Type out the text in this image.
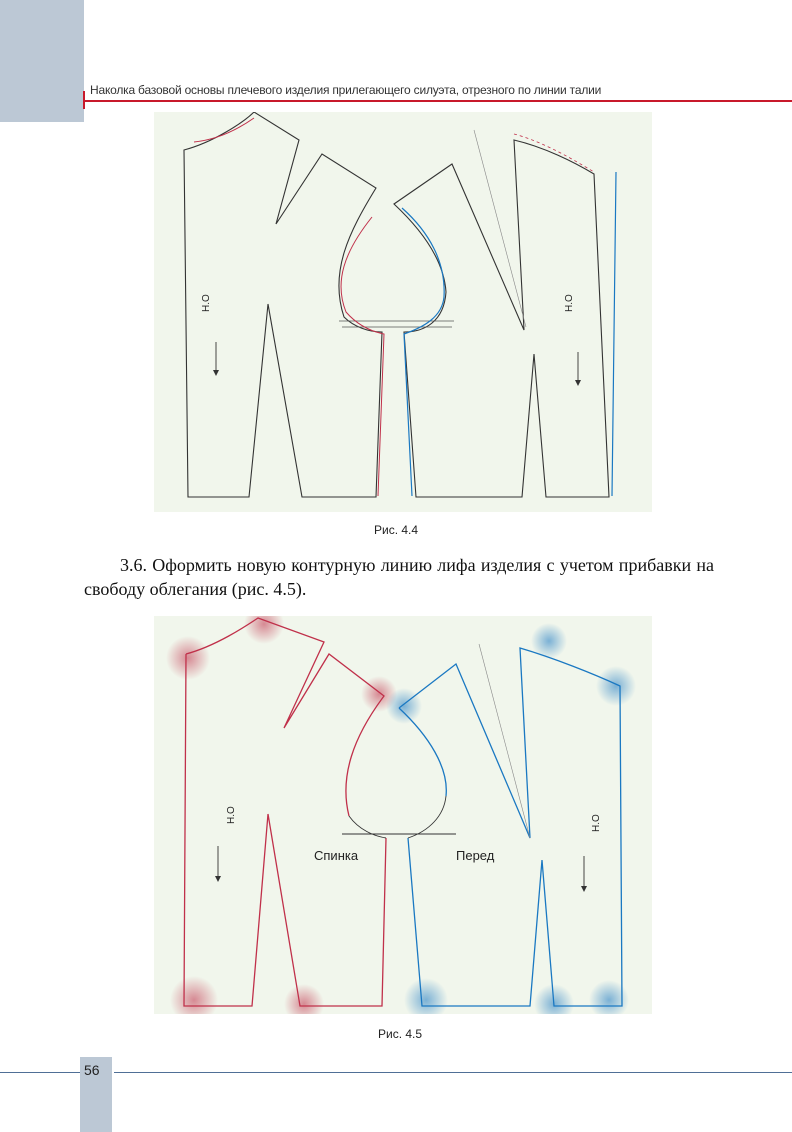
Наколка базовой основы плечевого изделия прилегающего силуэта, отрезного по линии талии
Н.О	Н.О
Рис. 4.4

3.6. Оформить новую контурную линию лифа изделия с учетом прибавки на свободу облегания (рис. 4.5).

Н.О	Н.О
Спинка	Перед
Рис. 4.5
56
